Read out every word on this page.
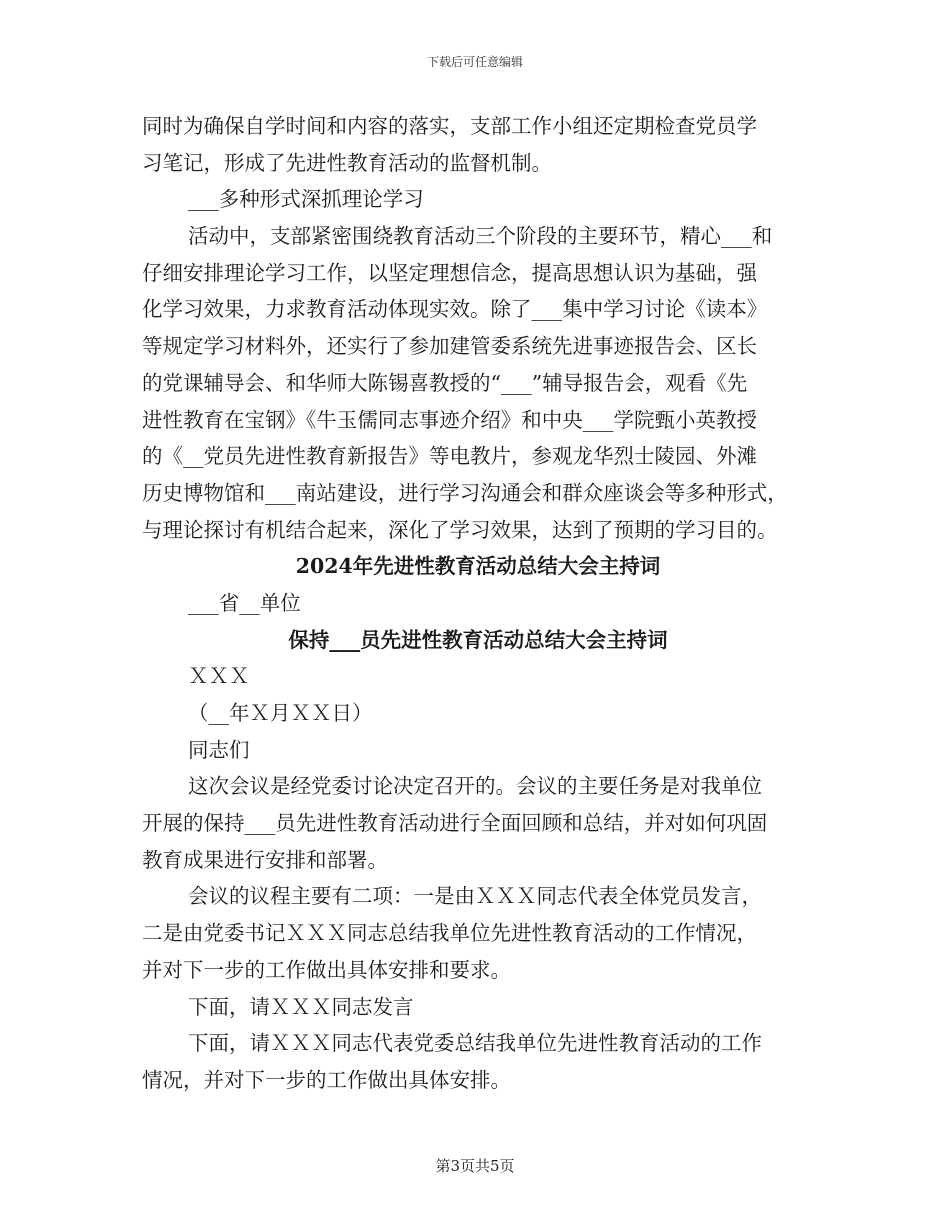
下载后可任意编辑
同时为确保自学时间和内容的落实，支部工作小组还定期检查党员学
习笔记，形成了先进性教育活动的监督机制。
___多种形式深抓理论学习
活动中，支部紧密围绕教育活动三个阶段的主要环节，精心___和
仔细安排理论学习工作，以坚定理想信念，提高思想认识为基础，强
化学习效果，力求教育活动体现实效。除了___集中学习讨论《读本》
等规定学习材料外，还实行了参加建管委系统先进事迹报告会、区长
的党课辅导会、和华师大陈锡喜教授的“___”辅导报告会，观看《先
进性教育在宝钢》《牛玉儒同志事迹介绍》和中央___学院甄小英教授
的《__党员先进性教育新报告》等电教片，参观龙华烈士陵园、外滩
历史博物馆和___南站建设，进行学习沟通会和群众座谈会等多种形式，
与理论探讨有机结合起来，深化了学习效果，达到了预期的学习目的。
2024年先进性教育活动总结大会主持词
___省__单位
保持___员先进性教育活动总结大会主持词
ＸＸＸ
（__年Ｘ月ＸＸ日）
同志们
这次会议是经党委讨论决定召开的。会议的主要任务是对我单位
开展的保持___员先进性教育活动进行全面回顾和总结，并对如何巩固
教育成果进行安排和部署。
会议的议程主要有二项：一是由ＸＸＸ同志代表全体党员发言，
二是由党委书记ＸＸＸ同志总结我单位先进性教育活动的工作情况，
并对下一步的工作做出具体安排和要求。
下面，请ＸＸＸ同志发言
下面，请ＸＸＸ同志代表党委总结我单位先进性教育活动的工作
情况，并对下一步的工作做出具体安排。
第3页共5页
